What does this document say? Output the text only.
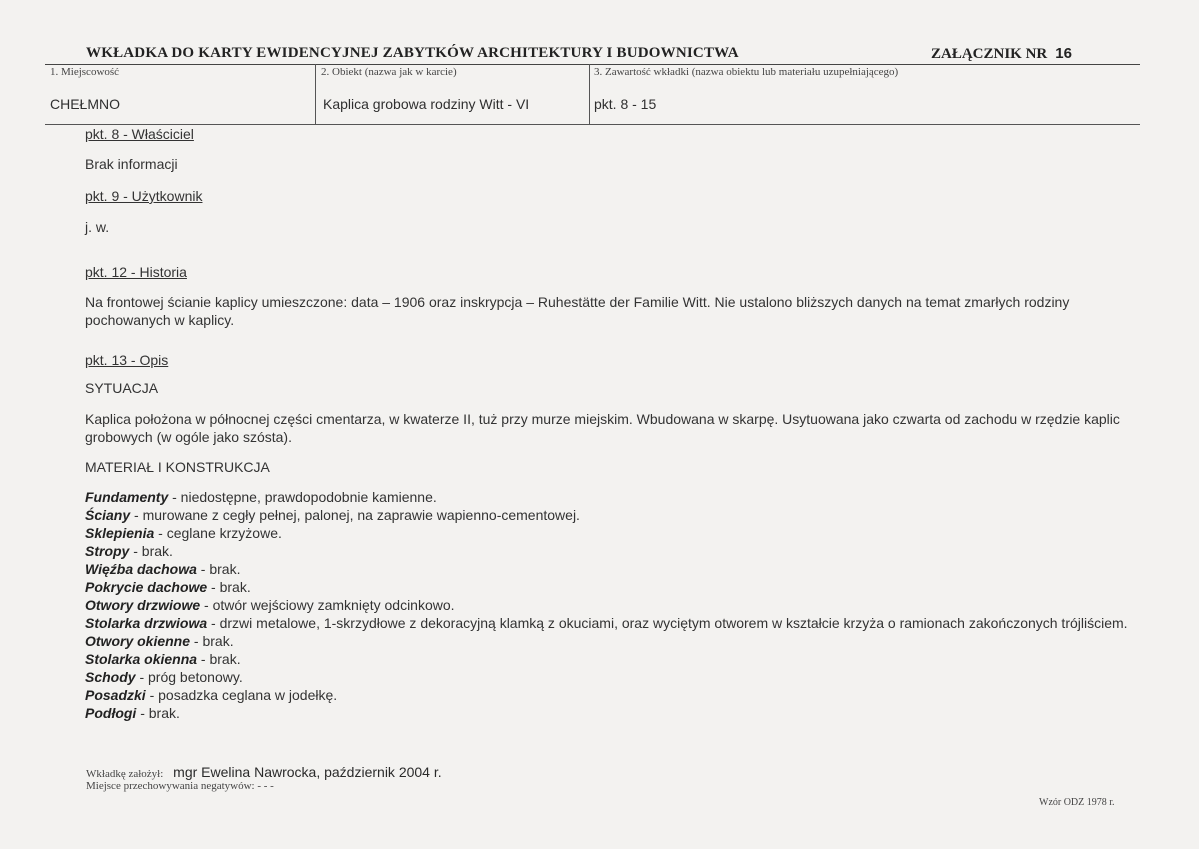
WKŁADKA DO KARTY EWIDENCYJNEJ ZABYTKÓW ARCHITEKTURY I BUDOWNICTWA	ZAŁĄCZNIK NR 16
1. Miejscowość
CHEŁMNO
2. Obiekt (nazwa jak w karcie)
Kaplica grobowa rodziny Witt - VI
3. Zawartość wkładki (nazwa obiektu lub materiału uzupełniającego)
pkt. 8 - 15
pkt. 8 - Właściciel

Brak informacji

pkt. 9 - Użytkownik

j. w.

pkt. 12 - Historia

Na frontowej ścianie kaplicy umieszczone: data – 1906 oraz inskrypcja – Ruhestätte der Familie Witt. Nie ustalono bliższych danych na temat zmarłych rodziny pochowanych w kaplicy.

pkt. 13 - Opis

SYTUACJA

Kaplica położona w północnej części cmentarza, w kwaterze II, tuż przy murze miejskim. Wbudowana w skarpę. Usytuowana jako czwarta od zachodu w rzędzie kaplic grobowych (w ogóle jako szósta).

MATERIAŁ I KONSTRUKCJA

Fundamenty - niedostępne, prawdopodobnie kamienne.
Ściany - murowane z cegły pełnej, palonej, na zaprawie wapienno-cementowej.
Sklepienia - ceglane krzyżowe.
Stropy - brak.
Więźba dachowa - brak.
Pokrycie dachowe - brak.
Otwory drzwiowe - otwór wejściowy zamknięty odcinkowo.
Stolarka drzwiowa - drzwi metalowe, 1-skrzydłowe z dekoracyjną klamką z okuciami, oraz wyciętym otworem w kształcie krzyża o ramionach zakończonych trójliściem.
Otwory okienne - brak.
Stolarka okienna - brak.
Schody - próg betonowy.
Posadzki - posadzka ceglana w jodełkę.
Podłogi - brak.
Wkładkę założył: mgr Ewelina Nawrocka, październik 2004 r.
Miejsce przechowywania negatywów: - - -
Wzór ODZ 1978 r.
